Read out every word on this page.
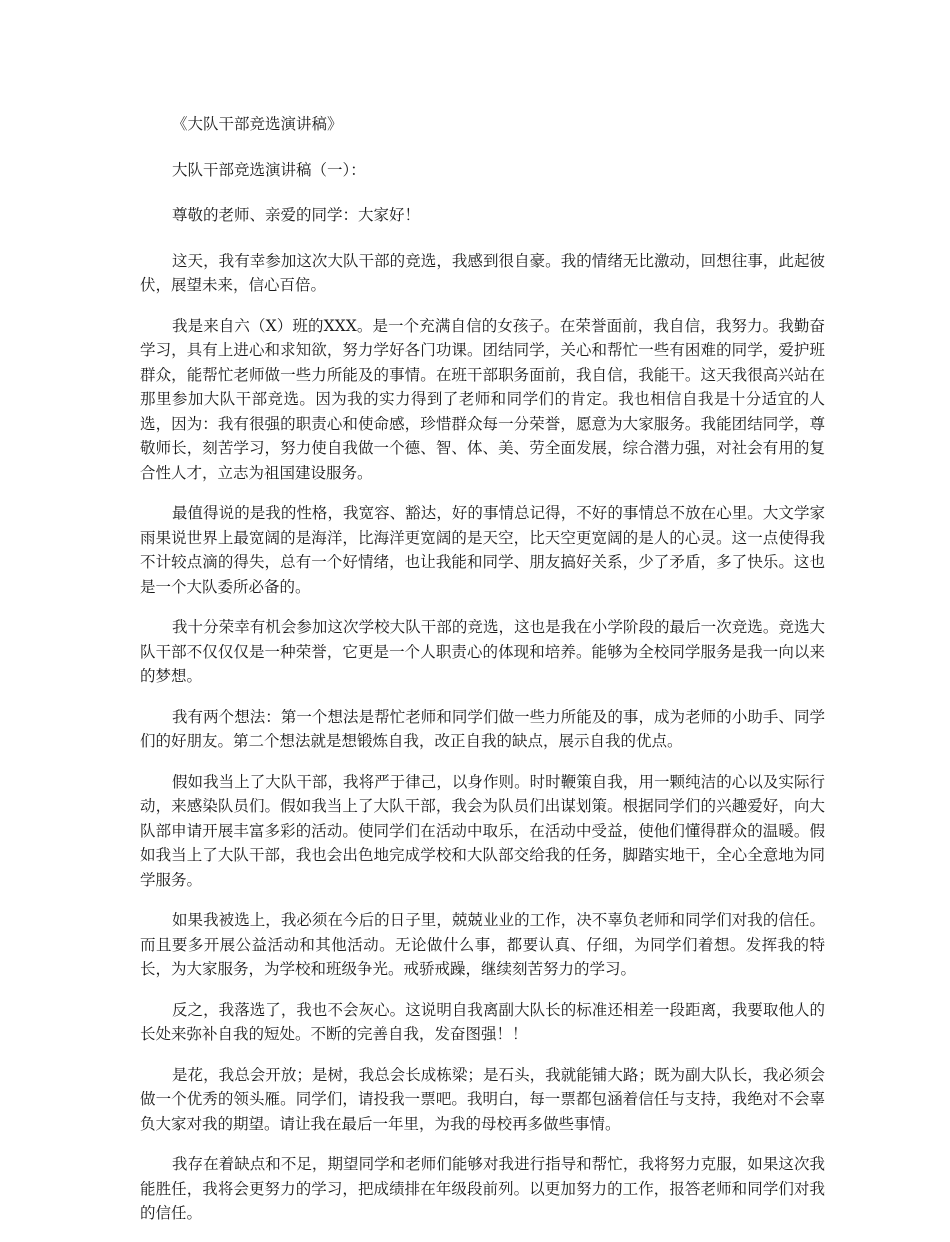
《大队干部竞选演讲稿》

大队干部竞选演讲稿（一）：

尊敬的老师、亲爱的同学：大家好！

这天，我有幸参加这次大队干部的竞选，我感到很自豪。我的情绪无比激动，回想往事，此起彼伏，展望未来，信心百倍。

我是来自六（X）班的XXX。是一个充满自信的女孩子。在荣誉面前，我自信，我努力。我勤奋学习，具有上进心和求知欲，努力学好各门功课。团结同学，关心和帮忙一些有困难的同学，爱护班群众，能帮忙老师做一些力所能及的事情。在班干部职务面前，我自信，我能干。这天我很高兴站在那里参加大队干部竞选。因为我的实力得到了老师和同学们的肯定。我也相信自我是十分适宜的人选，因为：我有很强的职责心和使命感，珍惜群众每一分荣誉，愿意为大家服务。我能团结同学，尊敬师长，刻苦学习，努力使自我做一个德、智、体、美、劳全面发展，综合潜力强，对社会有用的复合性人才，立志为祖国建设服务。

最值得说的是我的性格，我宽容、豁达，好的事情总记得，不好的事情总不放在心里。大文学家雨果说世界上最宽阔的是海洋，比海洋更宽阔的是天空，比天空更宽阔的是人的心灵。这一点使得我不计较点滴的得失，总有一个好情绪，也让我能和同学、朋友搞好关系，少了矛盾，多了快乐。这也是一个大队委所必备的。

我十分荣幸有机会参加这次学校大队干部的竞选，这也是我在小学阶段的最后一次竞选。竞选大队干部不仅仅仅是一种荣誉，它更是一个人职责心的体现和培养。能够为全校同学服务是我一向以来的梦想。

我有两个想法：第一个想法是帮忙老师和同学们做一些力所能及的事，成为老师的小助手、同学们的好朋友。第二个想法就是想锻炼自我，改正自我的缺点，展示自我的优点。

假如我当上了大队干部，我将严于律己，以身作则。时时鞭策自我，用一颗纯洁的心以及实际行动，来感染队员们。假如我当上了大队干部，我会为队员们出谋划策。根据同学们的兴趣爱好，向大队部申请开展丰富多彩的活动。使同学们在活动中取乐，在活动中受益，使他们懂得群众的温暖。假如我当上了大队干部，我也会出色地完成学校和大队部交给我的任务，脚踏实地干，全心全意地为同学服务。

如果我被选上，我必须在今后的日子里，兢兢业业的工作，决不辜负老师和同学们对我的信任。而且要多开展公益活动和其他活动。无论做什么事，都要认真、仔细，为同学们着想。发挥我的特长，为大家服务，为学校和班级争光。戒骄戒躁，继续刻苦努力的学习。

反之，我落选了，我也不会灰心。这说明自我离副大队长的标准还相差一段距离，我要取他人的长处来弥补自我的短处。不断的完善自我，发奋图强！！

是花，我总会开放；是树，我总会长成栋梁；是石头，我就能铺大路；既为副大队长，我必须会做一个优秀的领头雁。同学们，请投我一票吧。我明白，每一票都包涵着信任与支持，我绝对不会辜负大家对我的期望。请让我在最后一年里，为我的母校再多做些事情。

我存在着缺点和不足，期望同学和老师们能够对我进行指导和帮忙，我将努力克服，如果这次我能胜任，我将会更努力的学习，把成绩排在年级段前列。以更加努力的工作，报答老师和同学们对我的信任。
